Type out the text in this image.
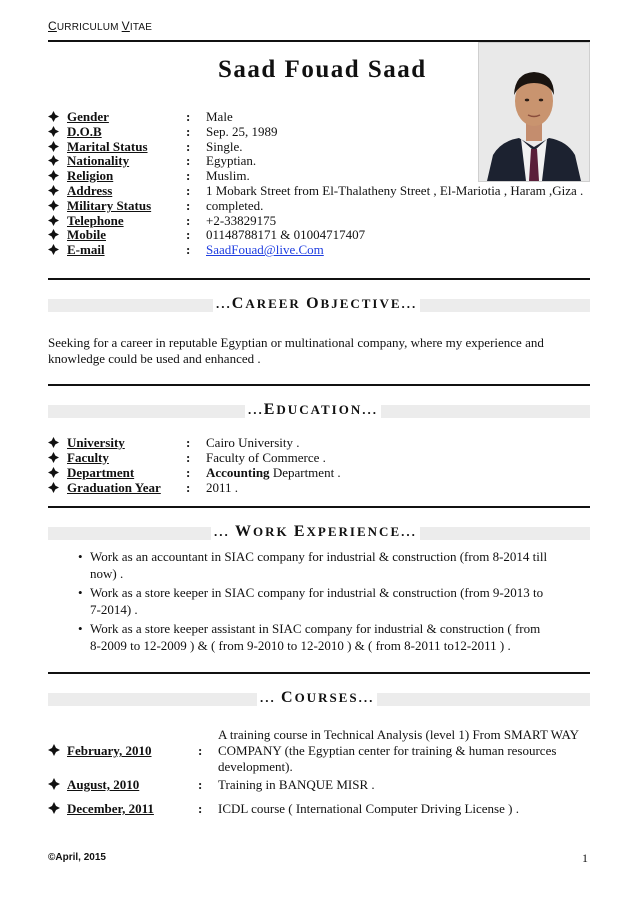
CURRICULUM VITAE
Saad Fouad Saad
Gender	: Male
D.O.B	: Sep. 25, 1989
Marital Status	: Single.
Nationality	: Egyptian.
Religion	: Muslim.
Address	: 1 Mobark Street from El-Thalatheny Street , El-Mariotia , Haram ,Giza .
Military Status	: completed.
Telephone	: +2-33829175
Mobile	: 01148788171 & 01004717407
E-mail	: SaadFouad@live.Com
...CAREER OBJECTIVE...
Seeking for a career in reputable Egyptian or multinational company, where my experience and knowledge could be used and enhanced .
...EDUCATION...
University	: Cairo University .
Faculty	: Faculty of Commerce .
Department	: Accounting Department .
Graduation Year : 2011 .
... WORK EXPERIENCE...
• Work as an accountant in SIAC company for industrial & construction (from 8-2014 till now) .
• Work as a store keeper in SIAC company for industrial & construction (from 9-2013 to 7-2014) .
• Work as a store keeper assistant in SIAC company for industrial & construction ( from 8-2009 to 12-2009 ) & ( from 9-2010 to 12-2010 ) & ( from 8-2011 to12-2011 ) .
... COURSES...
February, 2010	:
A training course in Technical Analysis (level 1) From SMART WAY COMPANY (the Egyptian center for training & human resources development).
August, 2010	: Training in BANQUE MISR .
December, 2011	: ICDL course ( International Computer Driving License ) .
©April, 2015	1
